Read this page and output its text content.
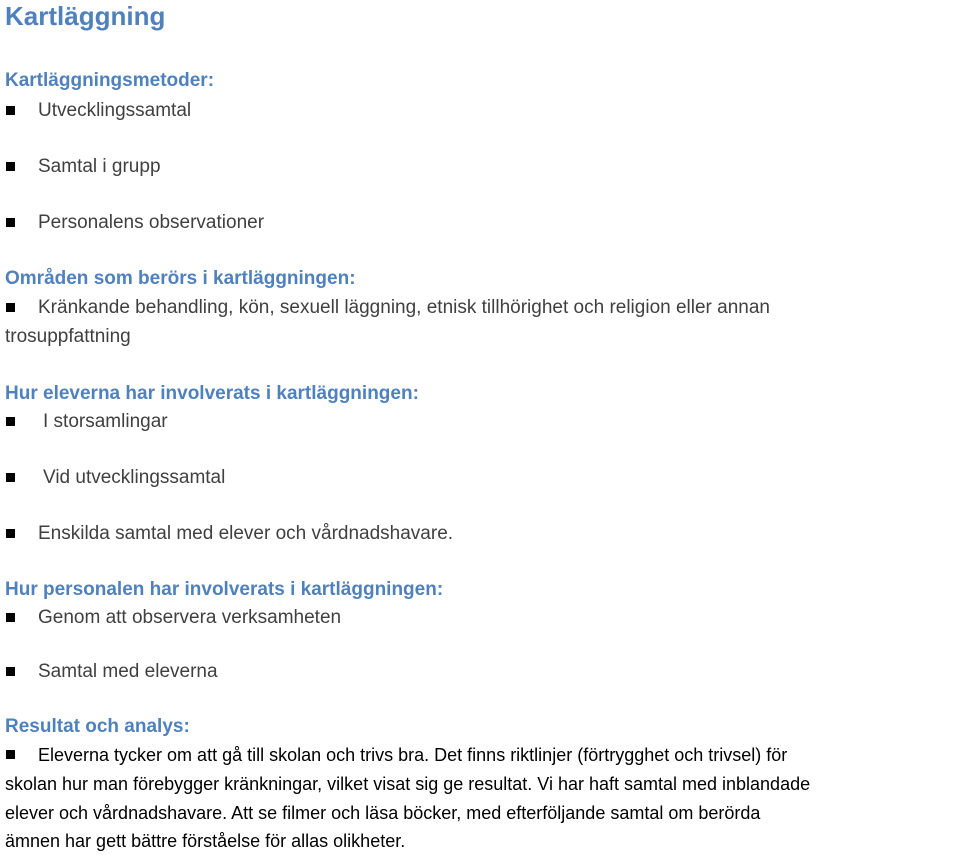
Kartläggning
Kartläggningsmetoder:
Utvecklingssamtal
Samtal i grupp
Personalens observationer
Områden som berörs i kartläggningen:
Kränkande behandling, kön, sexuell läggning, etnisk tillhörighet och religion eller annan
trosuppfattning
Hur eleverna har involverats i kartläggningen:
I storsamlingar
Vid utvecklingssamtal
Enskilda samtal med elever och vårdnadshavare.
Hur personalen har involverats i kartläggningen:
Genom att observera verksamheten
Samtal med eleverna
Resultat och analys:
Eleverna tycker om att gå till skolan och trivs bra. Det finns riktlinjer (förtrygghet och trivsel) för
skolan hur man förebygger kränkningar, vilket visat sig ge resultat. Vi har haft samtal med inblandade
elever och vårdnadshavare. Att se filmer och läsa böcker, med efterföljande samtal om berörda
ämnen har gett bättre förståelse för allas olikheter.
